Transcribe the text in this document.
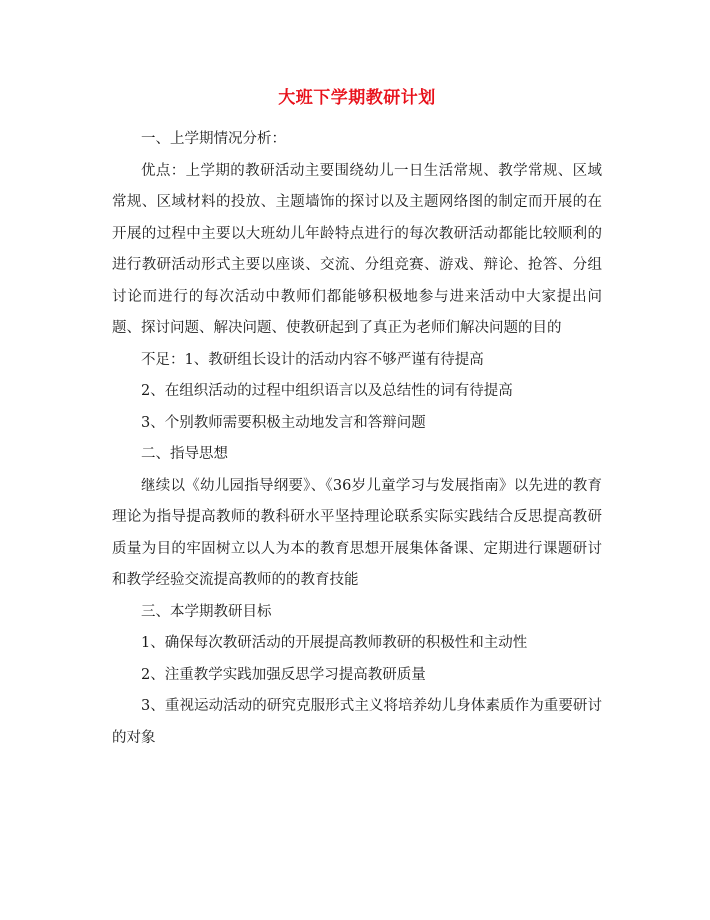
大班下学期教研计划

一、上学期情况分析：

优点：上学期的教研活动主要围绕幼儿一日生活常规、教学常规、区域常规、区域材料的投放、主题墙饰的探讨以及主题网络图的制定而开展的在开展的过程中主要以大班幼儿年龄特点进行的每次教研活动都能比较顺利的进行教研活动形式主要以座谈、交流、分组竞赛、游戏、辩论、抢答、分组讨论而进行的每次活动中教师们都能够积极地参与进来活动中大家提出问题、探讨问题、解决问题、使教研起到了真正为老师们解决问题的目的

不足：1、教研组长设计的活动内容不够严谨有待提高

2、在组织活动的过程中组织语言以及总结性的词有待提高

3、个别教师需要积极主动地发言和答辩问题

二、指导思想

继续以《幼儿园指导纲要》、《36岁儿童学习与发展指南》以先进的教育理论为指导提高教师的教科研水平坚持理论联系实际实践结合反思提高教研质量为目的牢固树立以人为本的教育思想开展集体备课、定期进行课题研讨和教学经验交流提高教师的的教育技能

三、本学期教研目标

1、确保每次教研活动的开展提高教师教研的积极性和主动性

2、注重教学实践加强反思学习提高教研质量

3、重视运动活动的研究克服形式主义将培养幼儿身体素质作为重要研讨的对象
